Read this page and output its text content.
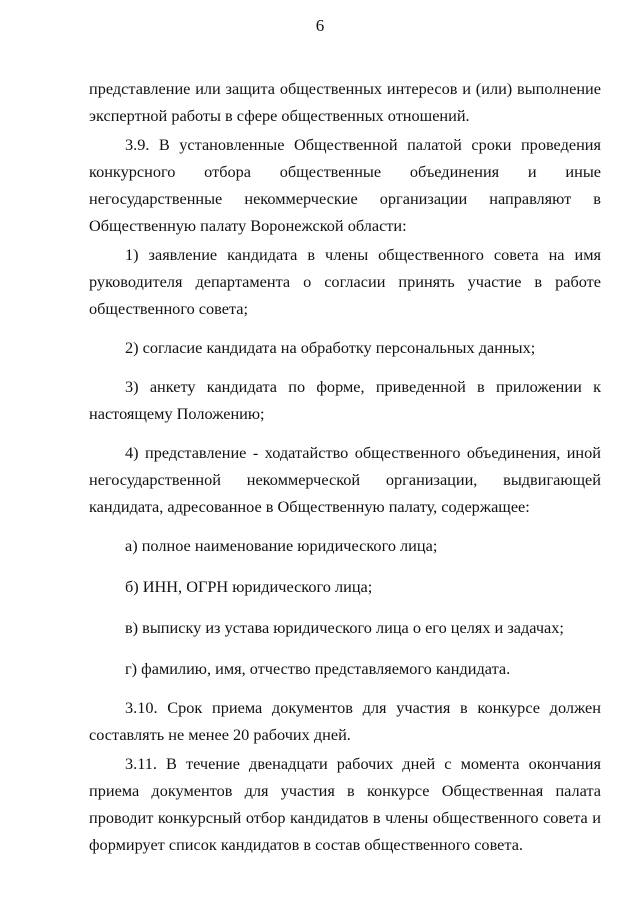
6

представление или защита общественных интересов и (или) выполнение экспертной работы в сфере общественных отношений.

3.9. В установленные Общественной палатой сроки проведения конкурсного отбора общественные объединения и иные негосударственные некоммерческие организации направляют в Общественную палату Воронежской области:

1) заявление кандидата в члены общественного совета на имя руководителя департамента о согласии принять участие в работе общественного совета;

2) согласие кандидата на обработку персональных данных;

3) анкету кандидата по форме, приведенной в приложении к настоящему Положению;

4) представление - ходатайство общественного объединения, иной негосударственной некоммерческой организации, выдвигающей кандидата, адресованное в Общественную палату, содержащее:

а) полное наименование юридического лица;

б) ИНН, ОГРН юридического лица;

в) выписку из устава юридического лица о его целях и задачах;

г) фамилию, имя, отчество представляемого кандидата.

3.10. Срок приема документов для участия в конкурсе должен составлять не менее 20 рабочих дней.

3.11. В течение двенадцати рабочих дней с момента окончания приема документов для участия в конкурсе Общественная палата проводит конкурсный отбор кандидатов в члены общественного совета и формирует список кандидатов в состав общественного совета.
